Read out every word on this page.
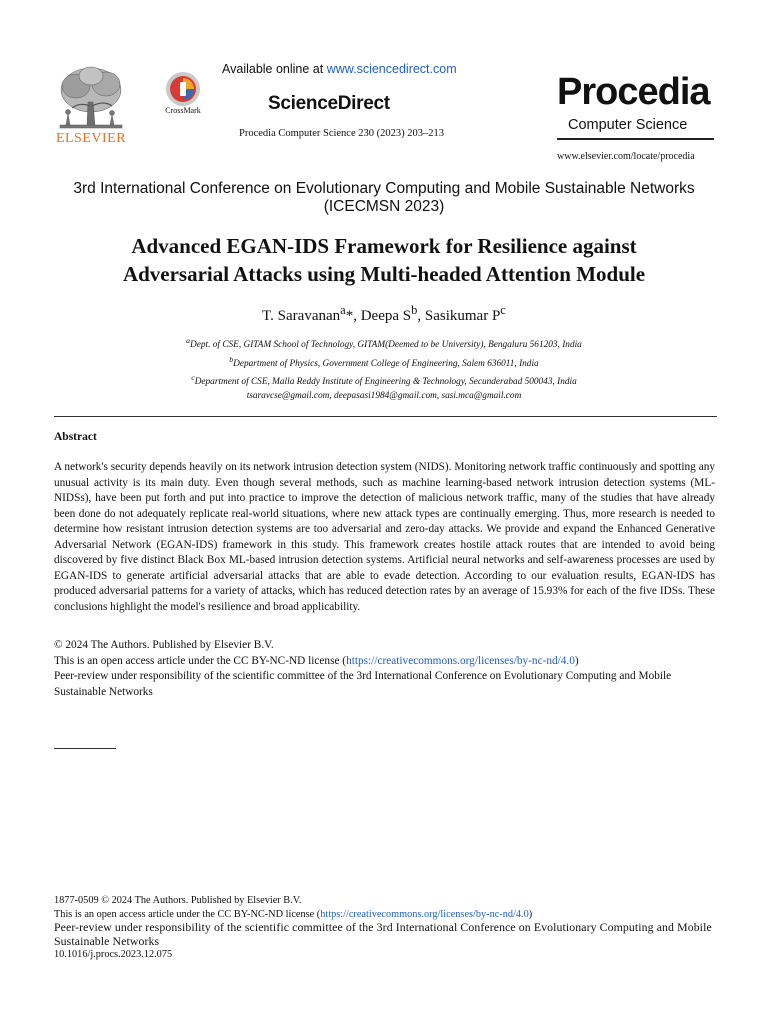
ELSEVIER
CrossMark
Available online at www.sciencedirect.com
ScienceDirect
Procedia Computer Science 230 (2023) 203–213
Procedia
Computer Science
www.elsevier.com/locate/procedia
3rd International Conference on Evolutionary Computing and Mobile Sustainable Networks (ICECMSN 2023)
Advanced EGAN-IDS Framework for Resilience against
Adversarial Attacks using Multi-headed Attention Module
T. Saravanan$^a$*, Deepa $S^b$, Sasikumar $P^c$
$^a$Dept. of CSE, GITAM School of Technology, GITAM(Deemed to be University), Bengaluru 561203, India
$^b$Department of Physics, Government College of Engineering, Salem 636011, India
$^c$Department of CSE, Malla Reddy Institute of Engineering & Technology, Secunderabad 500043, India
tsaravcse@gmail.com, deepasasi1984@gmail.com, sasi.mca@gmail.com
Abstract
A network's security depends heavily on its network intrusion detection system (NIDS). Monitoring network traffic continuously and spotting any unusual activity is its main duty. Even though several methods, such as machine learning-based network intrusion detection systems (ML-NIDSs), have been put forth and put into practice to improve the detection of malicious network traffic, many of the studies that have already been done do not adequately replicate real-world situations, where new attack types are continually emerging. Thus, more research is needed to determine how resistant intrusion detection systems are too adversarial and zero-day attacks. We provide and expand the Enhanced Generative Adversarial Network (EGAN-IDS) framework in this study. This framework creates hostile attack routes that are intended to avoid being discovered by five distinct Black Box ML-based intrusion detection systems. Artificial neural networks and self-awareness processes are used by EGAN-IDS to generate artificial adversarial attacks that are able to evade detection. According to our evaluation results, EGAN-IDS has produced adversarial patterns for a variety of attacks, which has reduced detection rates by an average of 15.93% for each of the five IDSs. These conclusions highlight the model's resilience and broad applicability.
© 2024 The Authors. Published by Elsevier B.V.
This is an open access article under the CC BY-NC-ND license (https://creativecommons.org/licenses/by-nc-nd/4.0)
Peer-review under responsibility of the scientific committee of the 3rd International Conference on Evolutionary Computing and Mobile Sustainable Networks
1877-0509 © 2024 The Authors. Published by Elsevier B.V.
This is an open access article under the CC BY-NC-ND license (https://creativecommons.org/licenses/by-nc-nd/4.0)
Peer-review under responsibility of the scientific committee of the 3rd International Conference on Evolutionary Computing and Mobile Sustainable Networks
10.1016/j.procs.2023.12.075
